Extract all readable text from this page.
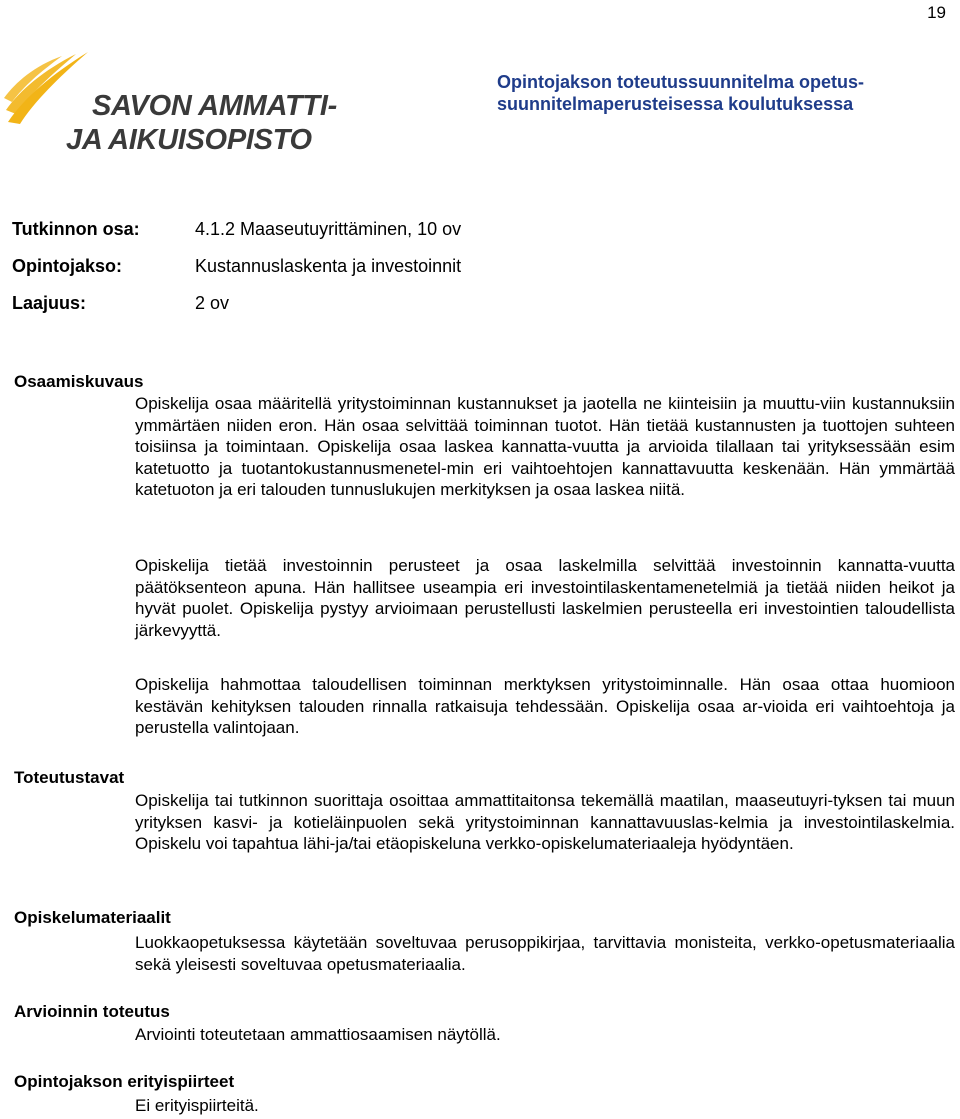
19
SAVON AMMATTI-
JA AIKUISOPISTO
Opintojakson toteutussuunnitelma opetus-suunnitelmaperusteisessa koulutuksessa
Tutkinnon osa:	4.1.2 Maaseutuyrittäminen, 10 ov
Opintojakso:	Kustannuslaskenta ja investoinnit
Laajuus:	2 ov
Osaamiskuvaus
Opiskelija osaa määritellä yritystoiminnan kustannukset ja jaotella ne kiinteisiin ja muuttu-viin kustannuksiin ymmärtäen niiden eron. Hän osaa selvittää toiminnan tuotot. Hän tietää kustannusten ja tuottojen suhteen toisiinsa ja toimintaan. Opiskelija osaa laskea kannatta-vuutta ja arvioida tilallaan tai yrityksessään esim katetuotto ja tuotantokustannusmenetel-min eri vaihtoehtojen kannattavuutta keskenään. Hän ymmärtää katetuoton ja eri talouden tunnuslukujen merkityksen ja osaa laskea niitä.
Opiskelija tietää investoinnin perusteet ja osaa laskelmilla selvittää investoinnin kannatta-vuutta päätöksenteon apuna. Hän hallitsee useampia eri investointilaskentamenetelmiä ja tietää niiden heikot ja hyvät puolet. Opiskelija pystyy arvioimaan perustellusti laskelmien perusteella eri investointien taloudellista järkevyyttä.
Opiskelija hahmottaa taloudellisen toiminnan merktyksen yritystoiminnalle. Hän osaa ottaa huomioon kestävän kehityksen talouden rinnalla ratkaisuja tehdessään. Opiskelija osaa ar-vioida eri vaihtoehtoja ja perustella valintojaan.
Toteutustavat
Opiskelija tai tutkinnon suorittaja osoittaa ammattitaitonsa tekemällä maatilan, maaseutuyri-tyksen tai muun yrityksen kasvi- ja kotieläinpuolen sekä yritystoiminnan kannattavuuslas-kelmia ja investointilaskelmia. Opiskelu voi tapahtua lähi-ja/tai etäopiskeluna verkko-opiskelumateriaaleja hyödyntäen.
Opiskelumateriaalit
Luokkaopetuksessa käytetään soveltuvaa perusoppikirjaa, tarvittavia monisteita, verkko-opetusmateriaalia sekä yleisesti soveltuvaa opetusmateriaalia.
Arvioinnin toteutus
Arviointi toteutetaan ammattiosaamisen näytöllä.
Opintojakson erityispiirteet
Ei erityispiirteitä.
